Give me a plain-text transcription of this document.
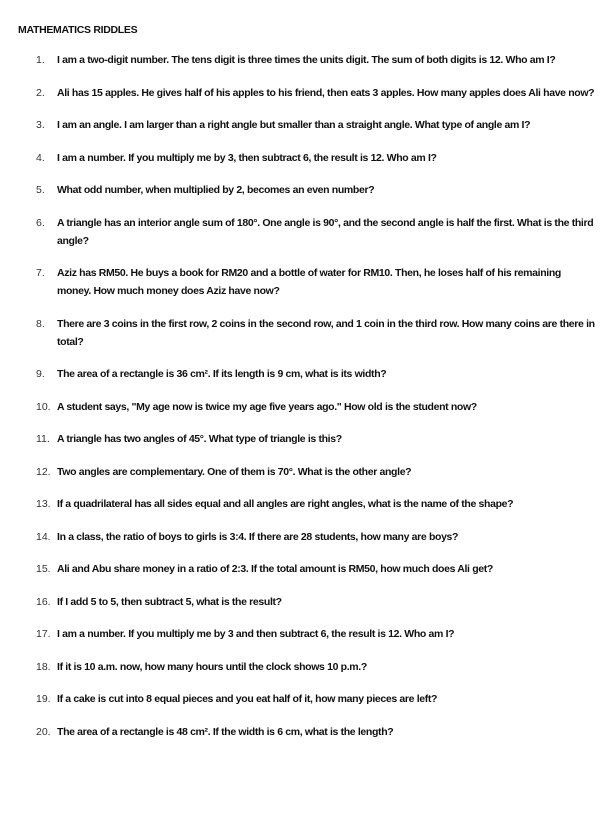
MATHEMATICS RIDDLES
1. I am a two-digit number. The tens digit is three times the units digit. The sum of both digits is 12. Who am I?
2. Ali has 15 apples. He gives half of his apples to his friend, then eats 3 apples. How many apples does Ali have now?
3. I am an angle. I am larger than a right angle but smaller than a straight angle. What type of angle am I?
4. I am a number. If you multiply me by 3, then subtract 6, the result is 12. Who am I?
5. What odd number, when multiplied by 2, becomes an even number?
6. A triangle has an interior angle sum of 180°. One angle is 90°, and the second angle is half the first. What is the third angle?
7. Aziz has RM50. He buys a book for RM20 and a bottle of water for RM10. Then, he loses half of his remaining money. How much money does Aziz have now?
8. There are 3 coins in the first row, 2 coins in the second row, and 1 coin in the third row. How many coins are there in total?
9. The area of a rectangle is 36 cm². If its length is 9 cm, what is its width?
10. A student says, "My age now is twice my age five years ago." How old is the student now?
11. A triangle has two angles of 45°. What type of triangle is this?
12. Two angles are complementary. One of them is 70°. What is the other angle?
13. If a quadrilateral has all sides equal and all angles are right angles, what is the name of the shape?
14. In a class, the ratio of boys to girls is 3:4. If there are 28 students, how many are boys?
15. Ali and Abu share money in a ratio of 2:3. If the total amount is RM50, how much does Ali get?
16. If I add 5 to 5, then subtract 5, what is the result?
17. I am a number. If you multiply me by 3 and then subtract 6, the result is 12. Who am I?
18. If it is 10 a.m. now, how many hours until the clock shows 10 p.m.?
19. If a cake is cut into 8 equal pieces and you eat half of it, how many pieces are left?
20. The area of a rectangle is 48 cm². If the width is 6 cm, what is the length?
